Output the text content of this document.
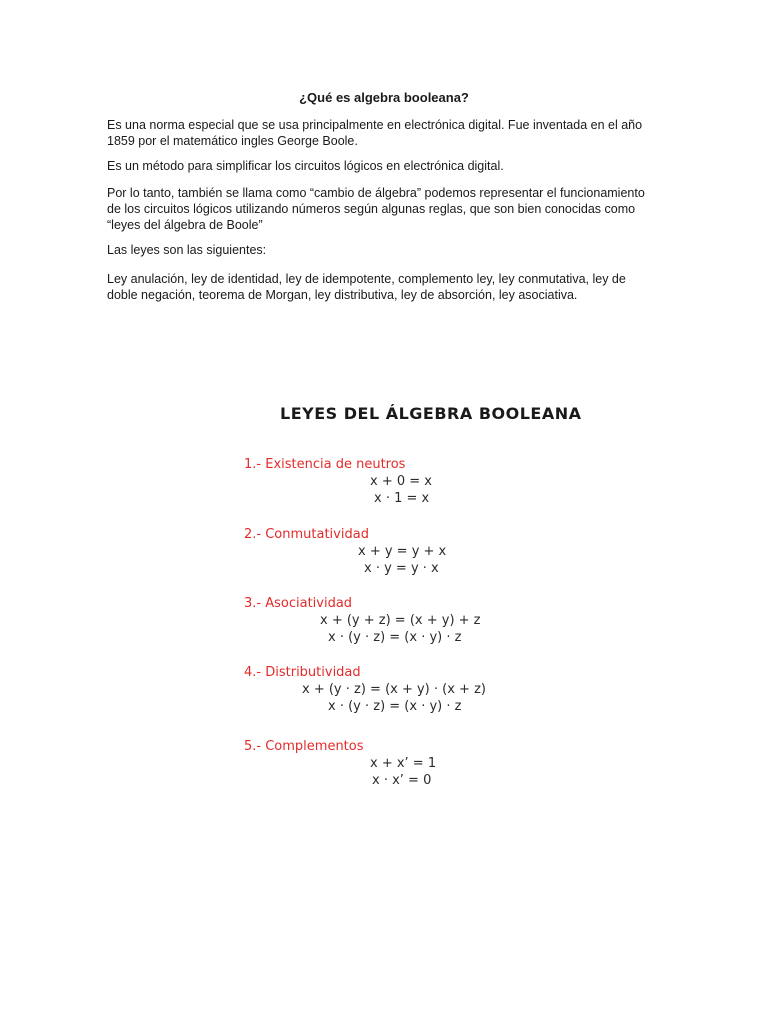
¿Qué es algebra booleana?

Es una norma especial que se usa principalmente en electrónica digital. Fue inventada en el año
1859 por el matemático ingles George Boole.

Es un método para simplificar los circuitos lógicos en electrónica digital.

Por lo tanto, también se llama como “cambio de álgebra” podemos representar el funcionamiento
de los circuitos lógicos utilizando números según algunas reglas, que son bien conocidas como
“leyes del álgebra de Boole”

Las leyes son las siguientes:

Ley anulación, ley de identidad, ley de idempotente, complemento ley, ley conmutativa, ley de
doble negación, teorema de Morgan, ley distributiva, ley de absorción, ley asociativa.

LEYES DEL ÁLGEBRA BOOLEANA

1.- Existencia de neutros

x + 0 = x
x · 1 = x

2.- Conmutatividad

x + y = y + x
x · y = y · x

3.- Asociatividad

x + (y + z) = (x + y) + z
x · (y · z) = (x · y) · z

4.- Distributividad

x + (y · z) = (x + y) · (x + z)
x · (y · z) = (x · y) · z

5.- Complementos

x + x’ = 1
x · x’ = 0
